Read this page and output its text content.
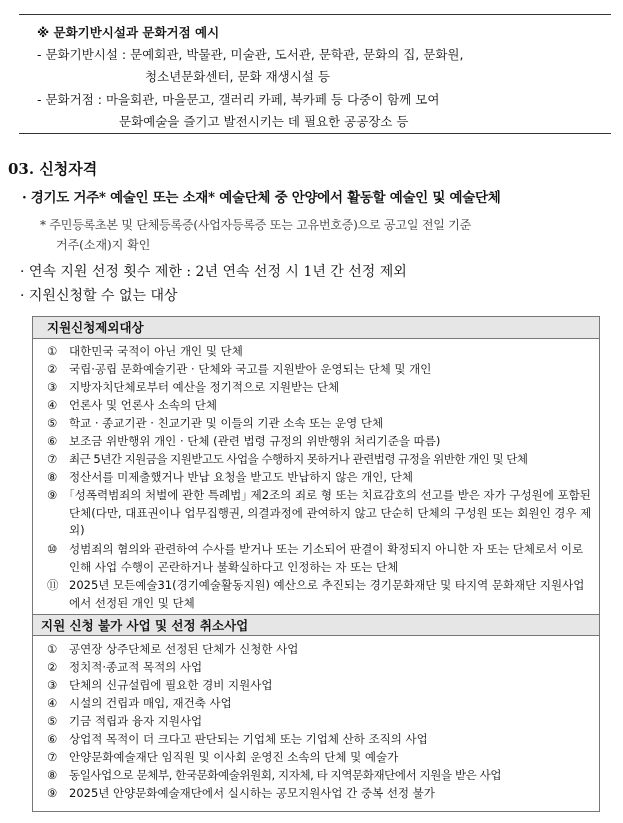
※ 문화기반시설과 문화거점 예시
- 문화기반시설 : 문예회관, 박물관, 미술관, 도서관, 문학관, 문화의 집, 문화원,
청소년문화센터, 문화 재생시설 등
- 문화거점 : 마을회관, 마을문고, 갤러리 카페, 북카페 등 다중이 함께 모여
문화예술을 즐기고 발전시키는 데 필요한 공공장소 등
03. 신청자격
· 경기도 거주* 예술인 또는 소재* 예술단체 중 안양에서 활동할 예술인 및 예술단체
* 주민등록초본 및 단체등록증(사업자등록증 또는 고유번호증)으로 공고일 전일 기준
거주(소재)지 확인
· 연속 지원 선정 횟수 제한 : 2년 연속 선정 시 1년 간 선정 제외
· 지원신청할 수 없는 대상
지원신청제외대상
①	대한민국 국적이 아닌 개인 및 단체
②	국립·공립 문화예술기관 · 단체와 국고를 지원받아 운영되는 단체 및 개인
③	지방자치단체로부터 예산을 정기적으로 지원받는 단체
④	언론사 및 언론사 소속의 단체
⑤	학교 · 종교기관 · 친교기관 및 이들의 기관 소속 또는 운영 단체
⑥	보조금 위반행위 개인 · 단체 (관련 법령 규정의 위반행위 처리기준을 따름)
⑦	최근 5년간 지원금을 지원받고도 사업을 수행하지 못하거나 관련법령 규정을 위반한 개인 및 단체
⑧	정산서를 미제출했거나 반납 요청을 받고도 반납하지 않은 개인, 단체
⑨	｢성폭력범죄의 처벌에 관한 특례법｣ 제2조의 죄로 형 또는 치료감호의 선고를 받은 자가 구성원에 포함된 단체(다만, 대표권이나 업무집행권, 의결과정에 관여하지 않고 단순히 단체의 구성원 또는 회원인 경우 제외)
⑩	성범죄의 혐의와 관련하여 수사를 받거나 또는 기소되어 판결이 확정되지 아니한 자 또는 단체로서 이로 인해 사업 수행이 곤란하거나 불확실하다고 인정하는 자 또는 단체
⑪ 2025년 모든예술31(경기예술활동지원) 예산으로 추진되는 경기문화재단 및 타지역 문화재단 지원사업에서 선정된 개인 및 단체
지원 신청 불가 사업 및 선정 취소사업
①	공연장 상주단체로 선정된 단체가 신청한 사업
②	정치적·종교적 목적의 사업
③	단체의 신규설립에 필요한 경비 지원사업
④	시설의 건립과 매입, 재건축 사업
⑤	기금 적립과 융자 지원사업
⑥	상업적 목적이 더 크다고 판단되는 기업체 또는 기업체 산하 조직의 사업
⑦	안양문화예술재단 임직원 및 이사회 운영진 소속의 단체 및 예술가
⑧	동일사업으로 문체부, 한국문화예술위원회, 지자체, 타 지역문화재단에서 지원을 받은 사업
⑨	2025년 안양문화예술재단에서 실시하는 공모지원사업 간 중복 선정 불가
